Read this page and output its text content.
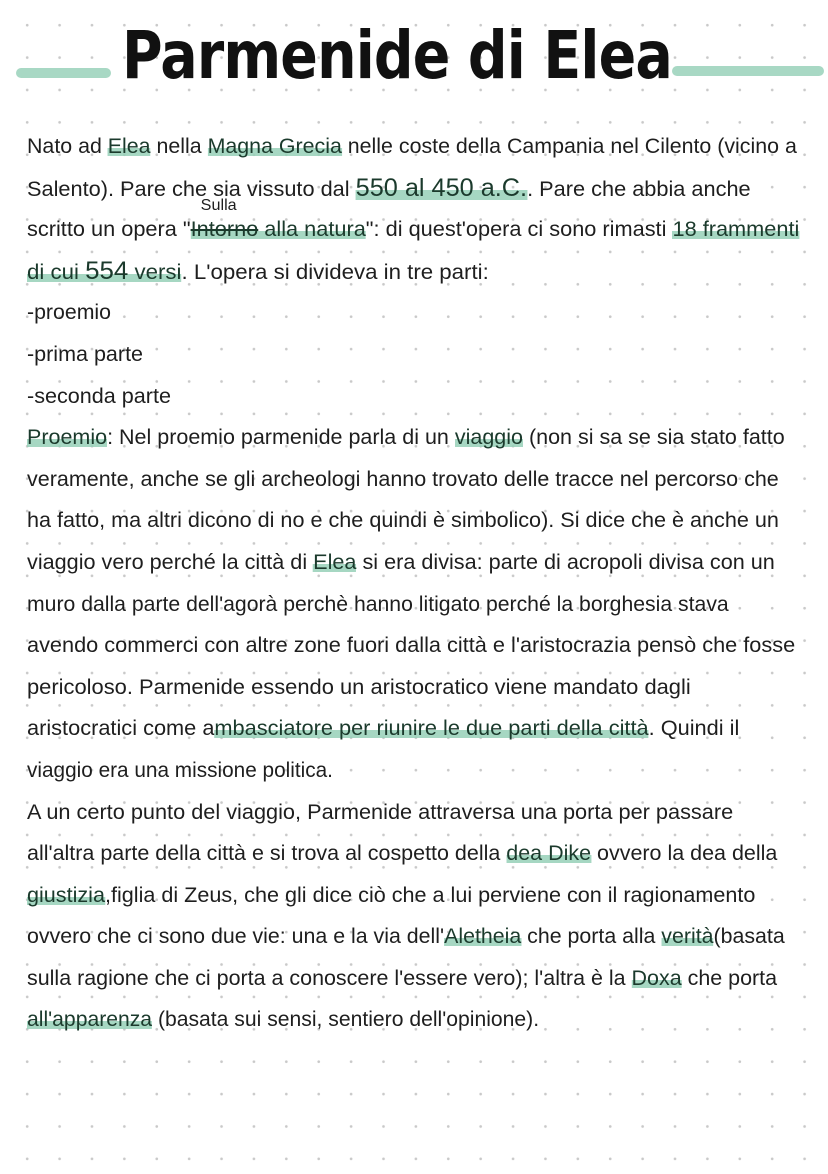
Parmenide di Elea
Nato ad Elea nella Magna Grecia nelle coste della Campania nel Cilento (vicino a
Salento). Pare che sia vissuto dal 550 al 450 a.C.. Pare che abbia anche
scritto un opera "Intorno
Sulla
alla natura": di quest'opera ci sono rimasti 18 frammenti
di cui 554 versi. L'opera si divideva in tre parti:
-proemio
-prima parte
-seconda parte
Proemio: Nel proemio parmenide parla di un viaggio (non si sa se sia stato fatto
veramente, anche se gli archeologi hanno trovato delle tracce nel percorso che
ha fatto, ma altri dicono di no e che quindi è simbolico). Si dice che è anche un
viaggio vero perché la città di Elea si era divisa: parte di acropoli divisa con un
muro dalla parte dell'agorà perchè hanno litigato perché la borghesia stava
avendo commerci con altre zone fuori dalla città e l'aristocrazia pensò che fosse
pericoloso. Parmenide essendo un aristocratico viene mandato dagli
aristocratici come ambasciatore per riunire le due parti della città. Quindi il
viaggio era una missione politica.
A un certo punto del viaggio, Parmenide attraversa una porta per passare
all'altra parte della città e si trova al cospetto della dea Dike ovvero la dea della
giustizia,figlia di Zeus, che gli dice ciò che a lui perviene con il ragionamento
ovvero che ci sono due vie: una e la via dell'Aletheia che porta alla verità(basata
sulla ragione che ci porta a conoscere l'essere vero); l'altra è la Doxa che porta
all'apparenza (basata sui sensi, sentiero dell'opinione).
